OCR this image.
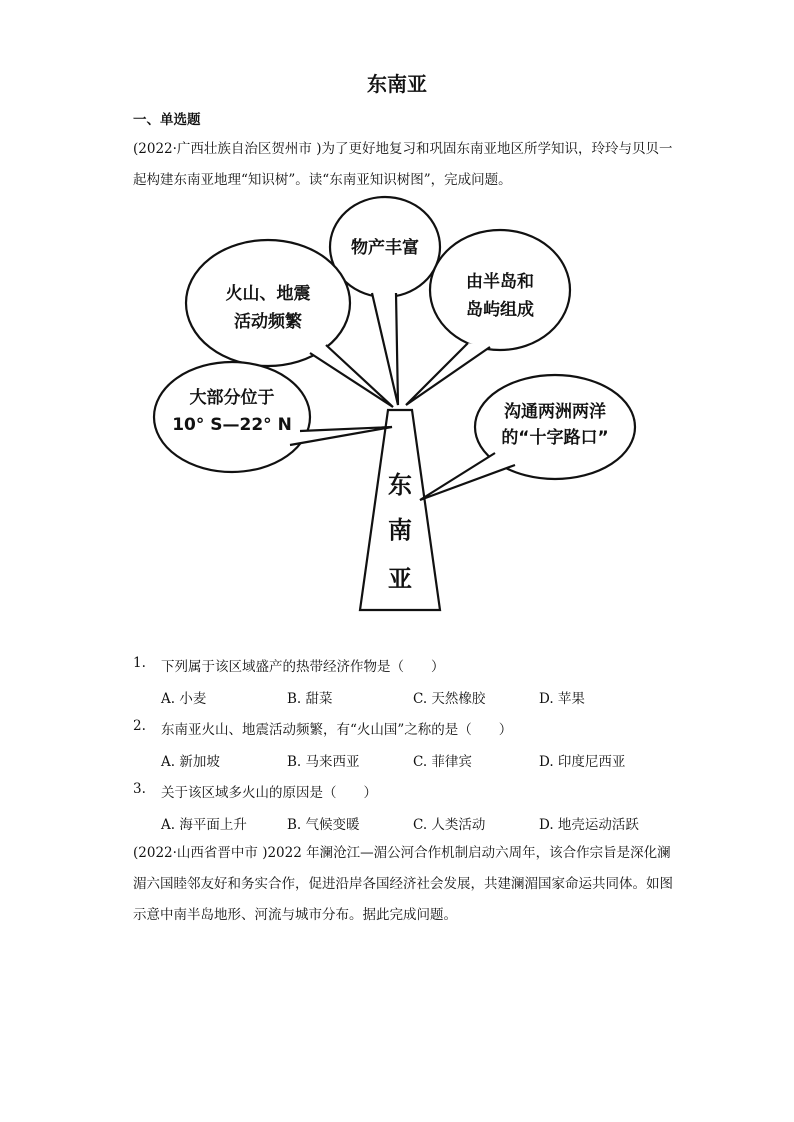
东南亚
一、单选题
(2022·广西壮族自治区贺州市 )为了更好地复习和巩固东南亚地区所学知识，玲玲与贝贝一起构建东南亚地理“知识树”。读“东南亚知识树图”，完成问题。
物产丰富
火山、地震
活动频繁
由半岛和
岛屿组成
大部分位于
10° S—22° N
沟通两洲两洋
的“十字路口”
东
南
亚
1. 下列属于该区域盛产的热带经济作物是（　　）
A. 小麦	B. 甜菜	C. 天然橡胶	D. 苹果
2. 东南亚火山、地震活动频繁，有“火山国”之称的是（　　）
A. 新加坡	B. 马来西亚	C. 菲律宾	D. 印度尼西亚
3. 关于该区域多火山的原因是（　　）
A. 海平面上升	B. 气候变暖	C. 人类活动	D. 地壳运动活跃
(2022·山西省晋中市 )2022 年澜沧江—湄公河合作机制启动六周年，该合作宗旨是深化澜湄六国睦邻友好和务实合作，促进沿岸各国经济社会发展，共建澜湄国家命运共同体。如图示意中南半岛地形、河流与城市分布。据此完成问题。
